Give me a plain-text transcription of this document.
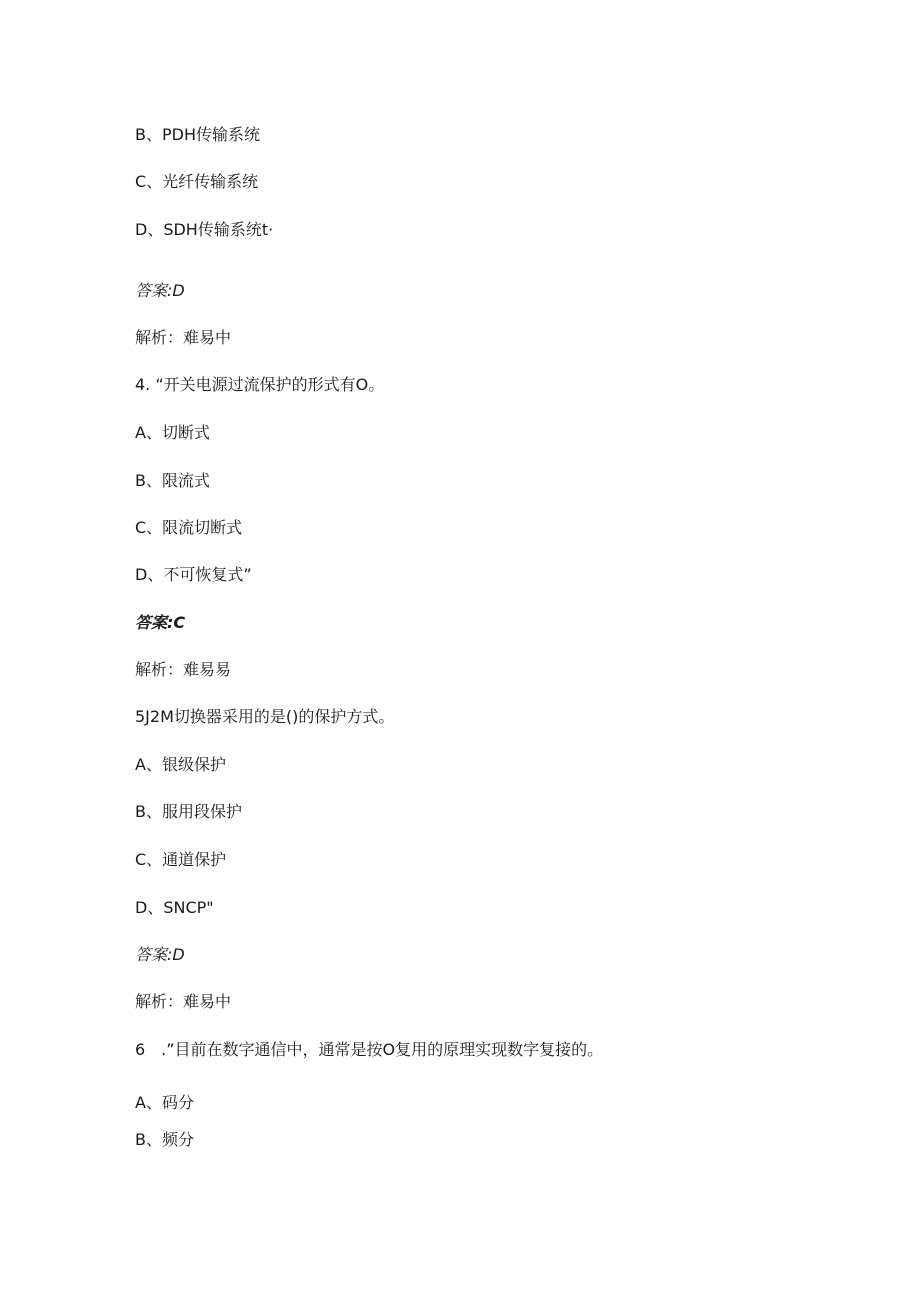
B、PDH传输系统
C、光纤传输系统
D、SDH传输系统t·
答案:D
解析：难易中
4. “开关电源过流保护的形式有O。
A、切断式
B、限流式
C、限流切断式
D、不可恢复式”
答案:C
解析：难易易
5J2M切换器采用的是()的保护方式。
A、银级保护
B、服用段保护
C、通道保护
D、SNCP"
答案:D
解析：难易中
6　.”目前在数字通信中，通常是按O复用的原理实现数字复接的。
A、码分
B、频分
